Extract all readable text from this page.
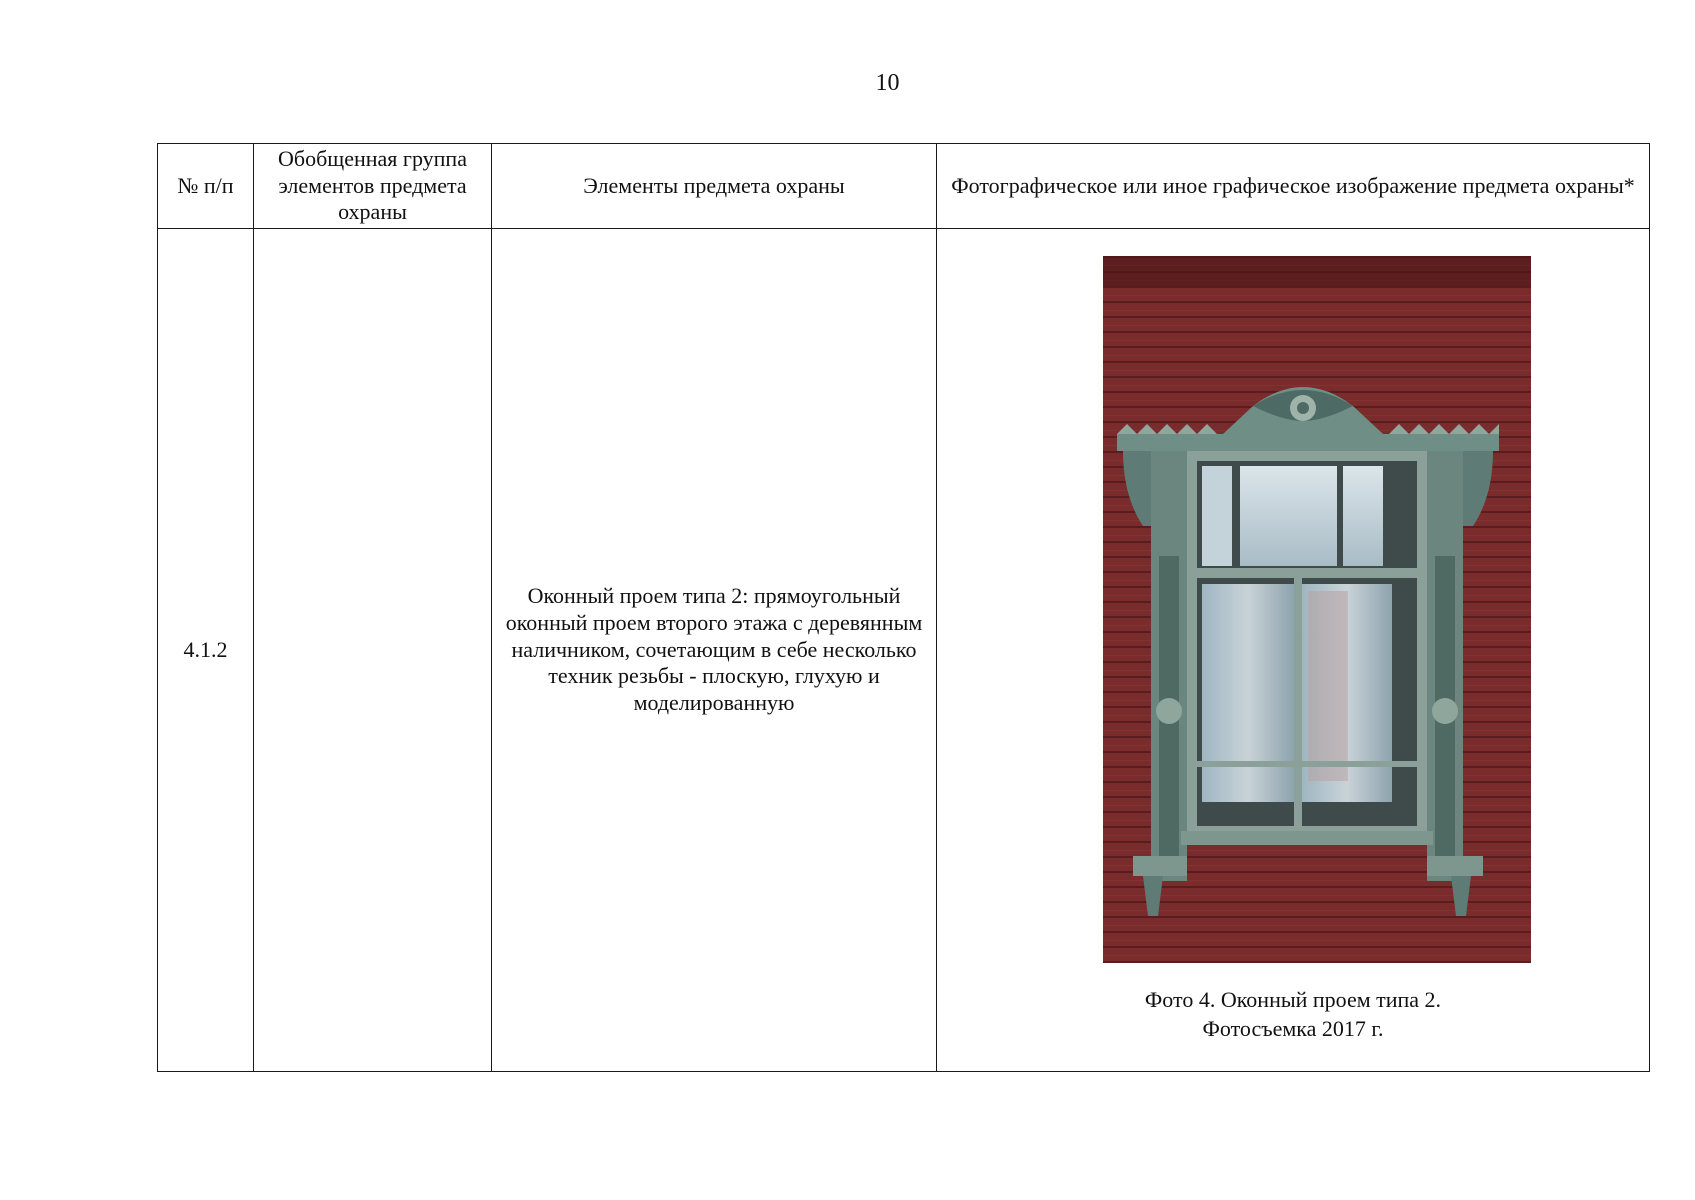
10
№ п/п	Обобщенная группа элементов предмета охраны	Элементы предмета охраны	Фотографическое или иное графическое изображение предмета охраны*
4.1.2		Оконный проем типа 2: прямоугольный оконный проем второго этажа с деревянным наличником, сочетающим в себе несколько техник резьбы - плоскую, глухую и моделированную	Фото 4. Оконный проем типа 2.
Фотосъемка 2017 г.
